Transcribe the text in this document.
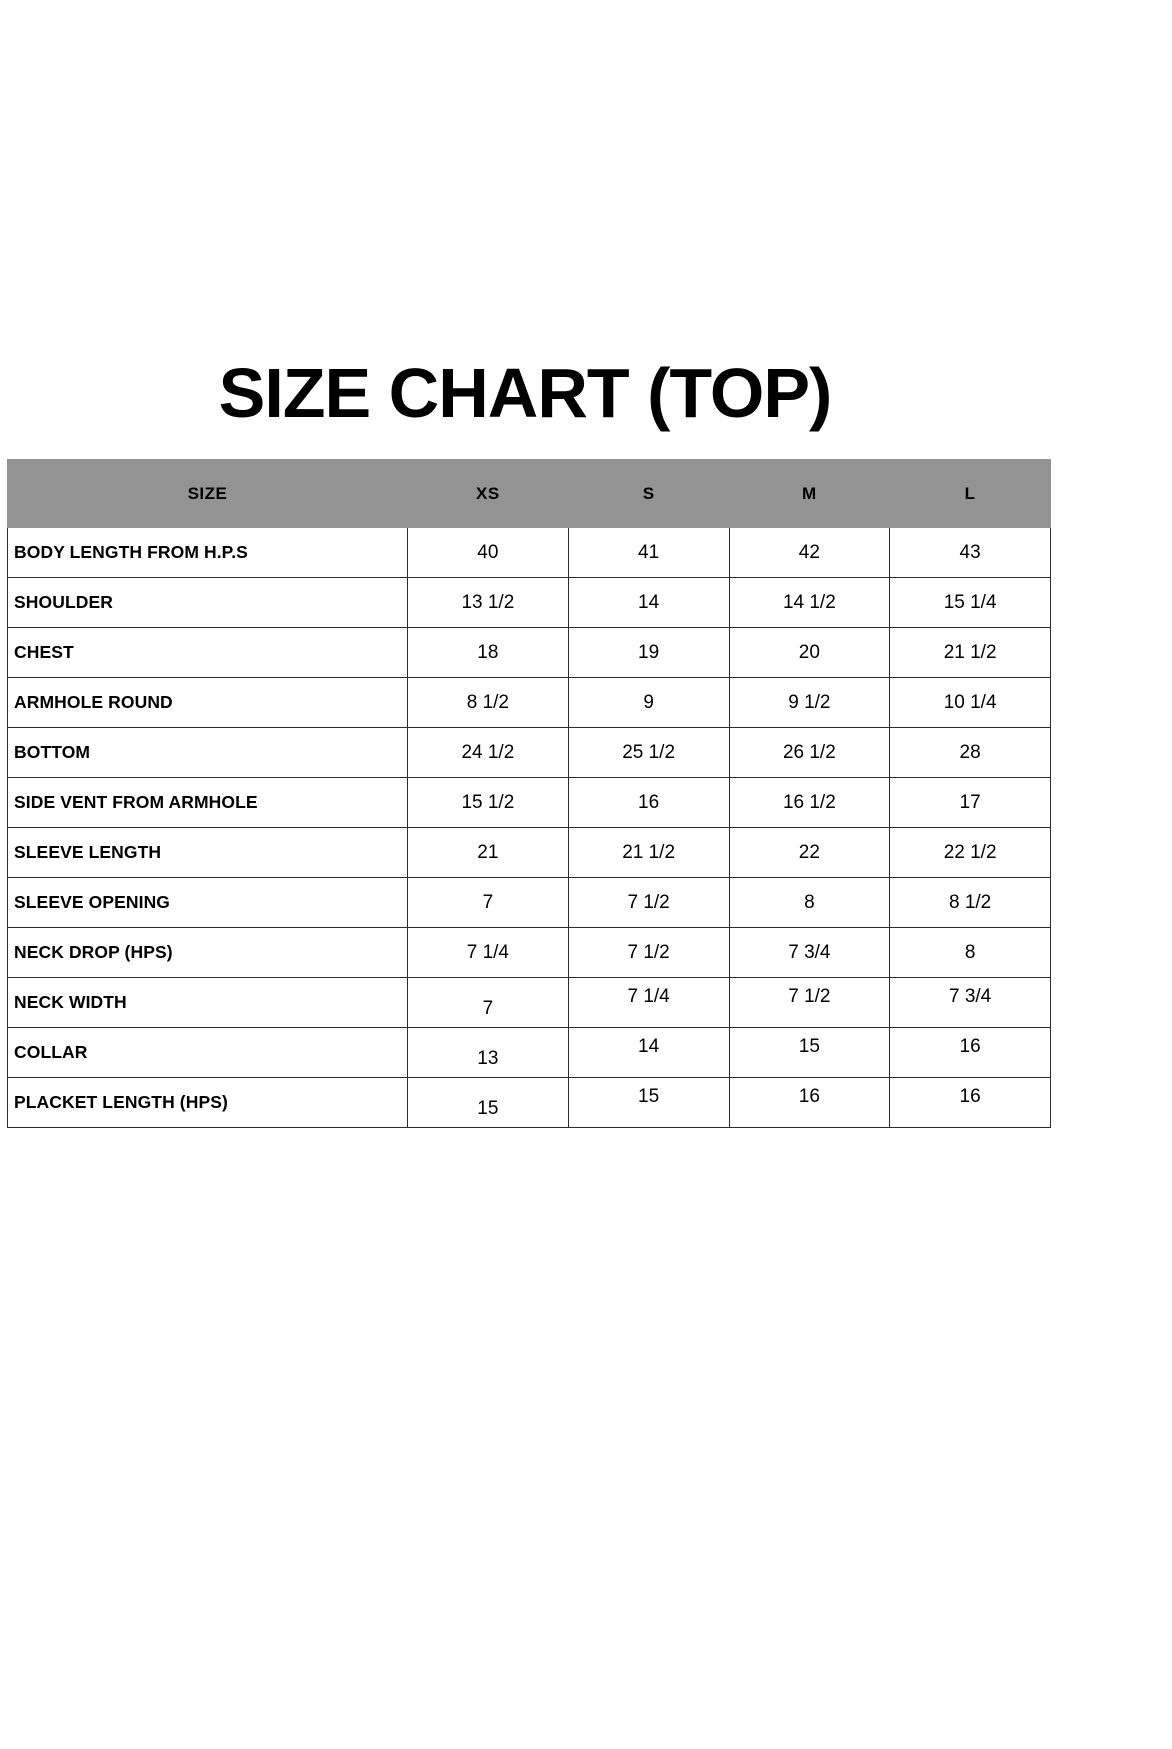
SIZE CHART (TOP)
SIZE	XS	S	M	L
BODY LENGTH FROM H.P.S	40	41	42	43
SHOULDER	13 1/2	14	14 1/2	15 1/4
CHEST	18	19	20	21 1/2
ARMHOLE ROUND	8 1/2	9	9 1/2	10 1/4
BOTTOM	24 1/2	25 1/2	26 1/2	28
SIDE VENT FROM ARMHOLE	15 1/2	16	16 1/2	17
SLEEVE LENGTH	21	21 1/2	22	22 1/2
SLEEVE OPENING	7	7 1/2	8	8 1/2
NECK DROP (HPS)	7 1/4	7 1/2	7 3/4	8
NECK WIDTH	7	7 1/4	7 1/2	7 3/4
COLLAR	13	14	15	16
PLACKET LENGTH (HPS)	15	15	16	16
